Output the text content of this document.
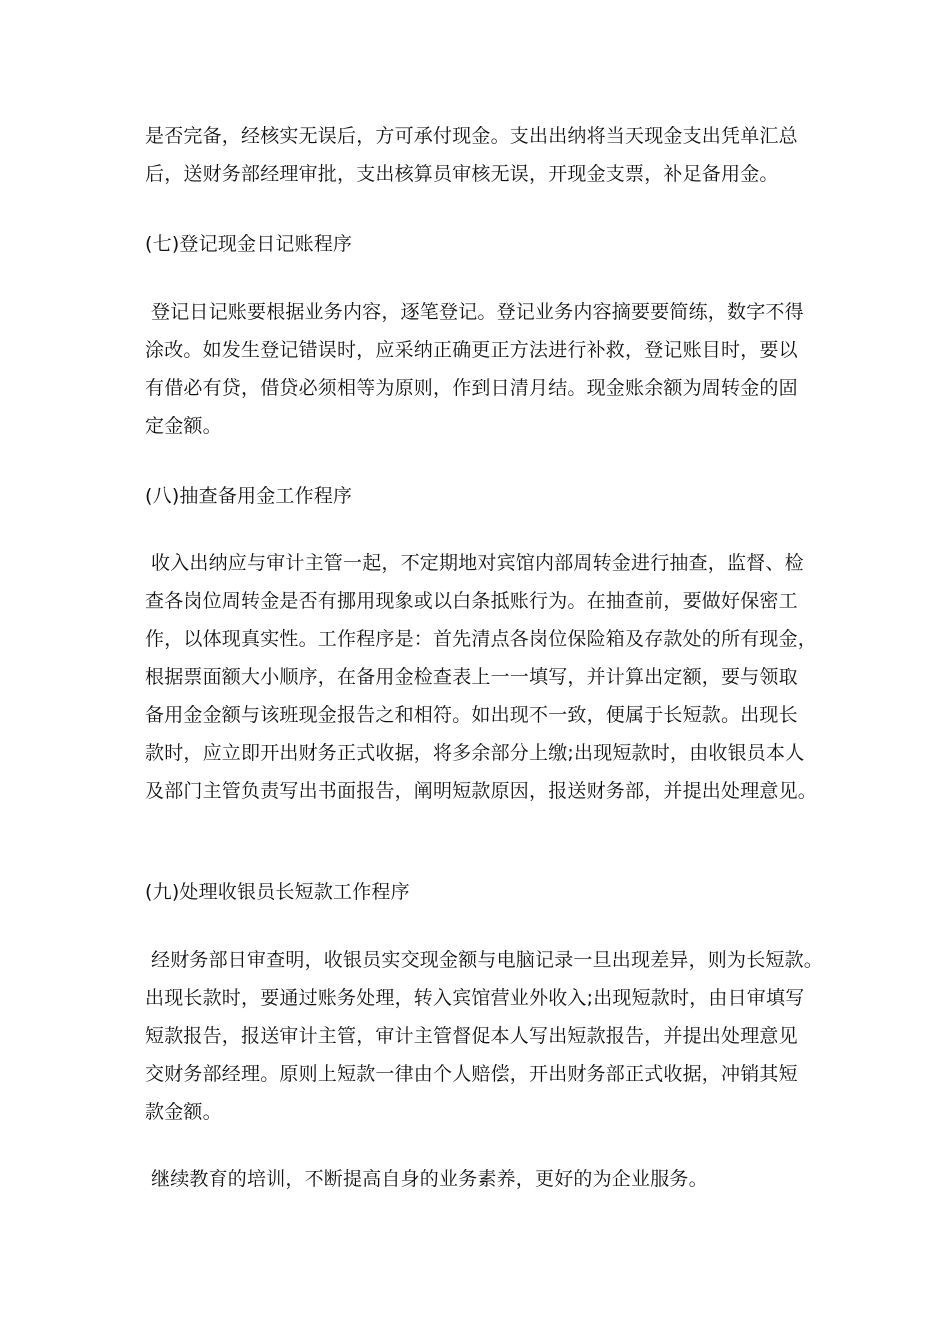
是否完备，经核实无误后，方可承付现金。支出出纳将当天现金支出凭单汇总
后，送财务部经理审批，支出核算员审核无误，开现金支票，补足备用金。
(七)登记现金日记账程序
登记日记账要根据业务内容，逐笔登记。登记业务内容摘要要简练，数字不得
涂改。如发生登记错误时，应采纳正确更正方法进行补救，登记账目时，要以
有借必有贷，借贷必须相等为原则，作到日清月结。现金账余额为周转金的固
定金额。
(八)抽查备用金工作程序
收入出纳应与审计主管一起，不定期地对宾馆内部周转金进行抽查，监督、检
查各岗位周转金是否有挪用现象或以白条抵账行为。在抽查前，要做好保密工
作，以体现真实性。工作程序是：首先清点各岗位保险箱及存款处的所有现金，
根据票面额大小顺序，在备用金检查表上一一填写，并计算出定额，要与领取
备用金金额与该班现金报告之和相符。如出现不一致，便属于长短款。出现长
款时，应立即开出财务正式收据，将多余部分上缴;出现短款时，由收银员本人
及部门主管负责写出书面报告，阐明短款原因，报送财务部，并提出处理意见。
(九)处理收银员长短款工作程序
经财务部日审查明，收银员实交现金额与电脑记录一旦出现差异，则为长短款。
出现长款时，要通过账务处理，转入宾馆营业外收入;出现短款时，由日审填写
短款报告，报送审计主管，审计主管督促本人写出短款报告，并提出处理意见
交财务部经理。原则上短款一律由个人赔偿，开出财务部正式收据，冲销其短
款金额。
继续教育的培训，不断提高自身的业务素养，更好的为企业服务。
